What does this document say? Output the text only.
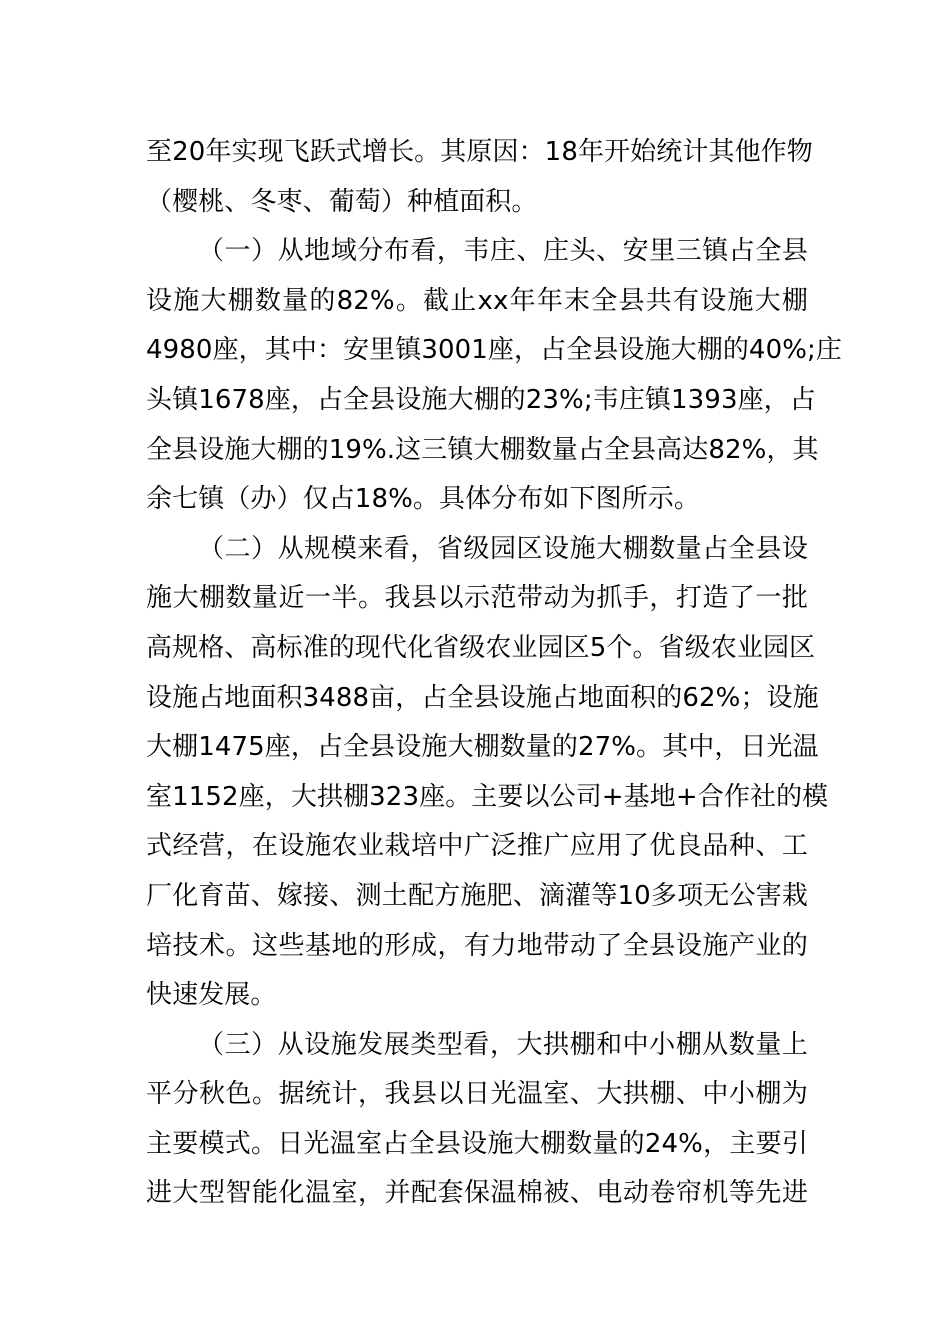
至20年实现飞跃式增长。其原因：18年开始统计其他作物
（樱桃、冬枣、葡萄）种植面积。
（一）从地域分布看，韦庄、庄头、安里三镇占全县
设施大棚数量的82%。截止xx年年末全县共有设施大棚
4980座，其中：安里镇3001座，占全县设施大棚的40%;庄
头镇1678座，占全县设施大棚的23%;韦庄镇1393座，占
全县设施大棚的19%.这三镇大棚数量占全县高达82%，其
余七镇（办）仅占18%。具体分布如下图所示。
（二）从规模来看，省级园区设施大棚数量占全县设
施大棚数量近一半。我县以示范带动为抓手，打造了一批
高规格、高标准的现代化省级农业园区5个。省级农业园区
设施占地面积3488亩，占全县设施占地面积的62%；设施
大棚1475座，占全县设施大棚数量的27%。其中，日光温
室1152座，大拱棚323座。主要以公司+基地+合作社的模
式经营，在设施农业栽培中广泛推广应用了优良品种、工
厂化育苗、嫁接、测土配方施肥、滴灌等10多项无公害栽
培技术。这些基地的形成，有力地带动了全县设施产业的
快速发展。
（三）从设施发展类型看，大拱棚和中小棚从数量上
平分秋色。据统计，我县以日光温室、大拱棚、中小棚为
主要模式。日光温室占全县设施大棚数量的24%，主要引
进大型智能化温室，并配套保温棉被、电动卷帘机等先进
